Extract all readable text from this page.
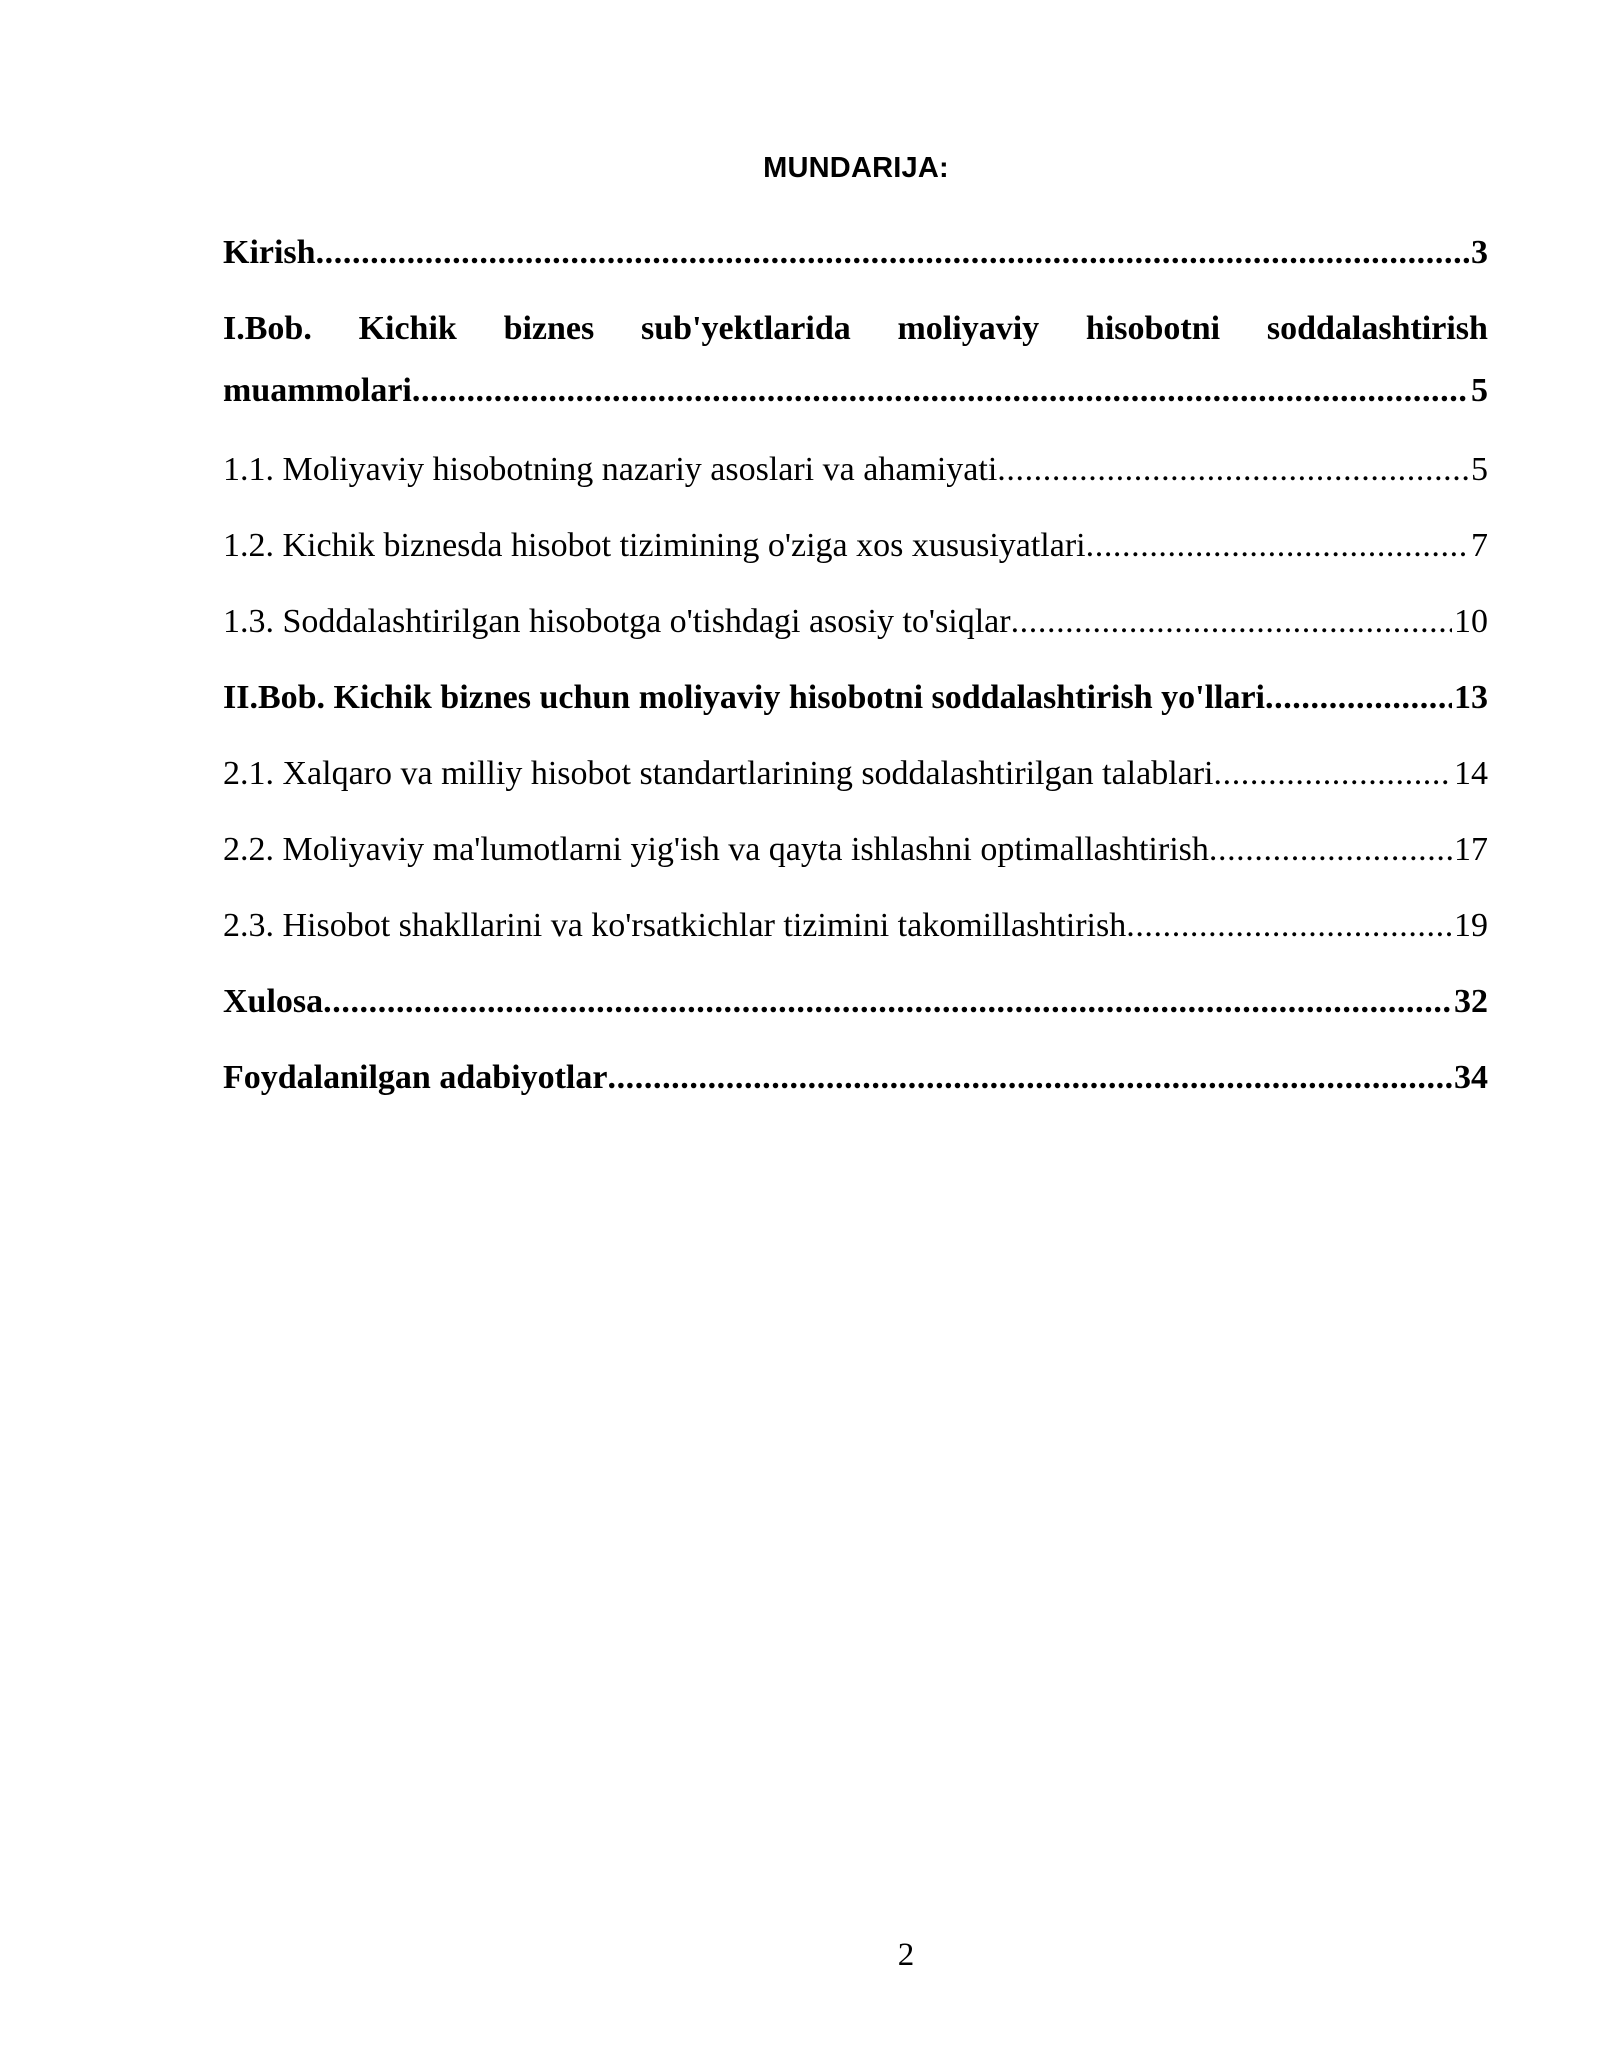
MUNDARIJA:
Kirish .....	3
I.Bob. Kichik biznes sub'yektlarida moliyaviy hisobotni soddalashtirish
muammolari .....	5
1.1. Moliyaviy hisobotning nazariy asoslari va ahamiyati .....	5
1.2. Kichik biznesda hisobot tizimining o'ziga xos xususiyatlari .....	7
1.3. Soddalashtirilgan hisobotga o'tishdagi asosiy to'siqlar .....	10
II.Bob. Kichik biznes uchun moliyaviy hisobotni soddalashtirish yo'llari .....	13
2.1. Xalqaro va milliy hisobot standartlarining soddalashtirilgan talablari .....	14
2.2. Moliyaviy ma'lumotlarni yig'ish va qayta ishlashni optimallashtirish .....	17
2.3. Hisobot shakllarini va ko'rsatkichlar tizimini takomillashtirish .....	19
Xulosa .....	32
Foydalanilgan adabiyotlar .....	34
2
